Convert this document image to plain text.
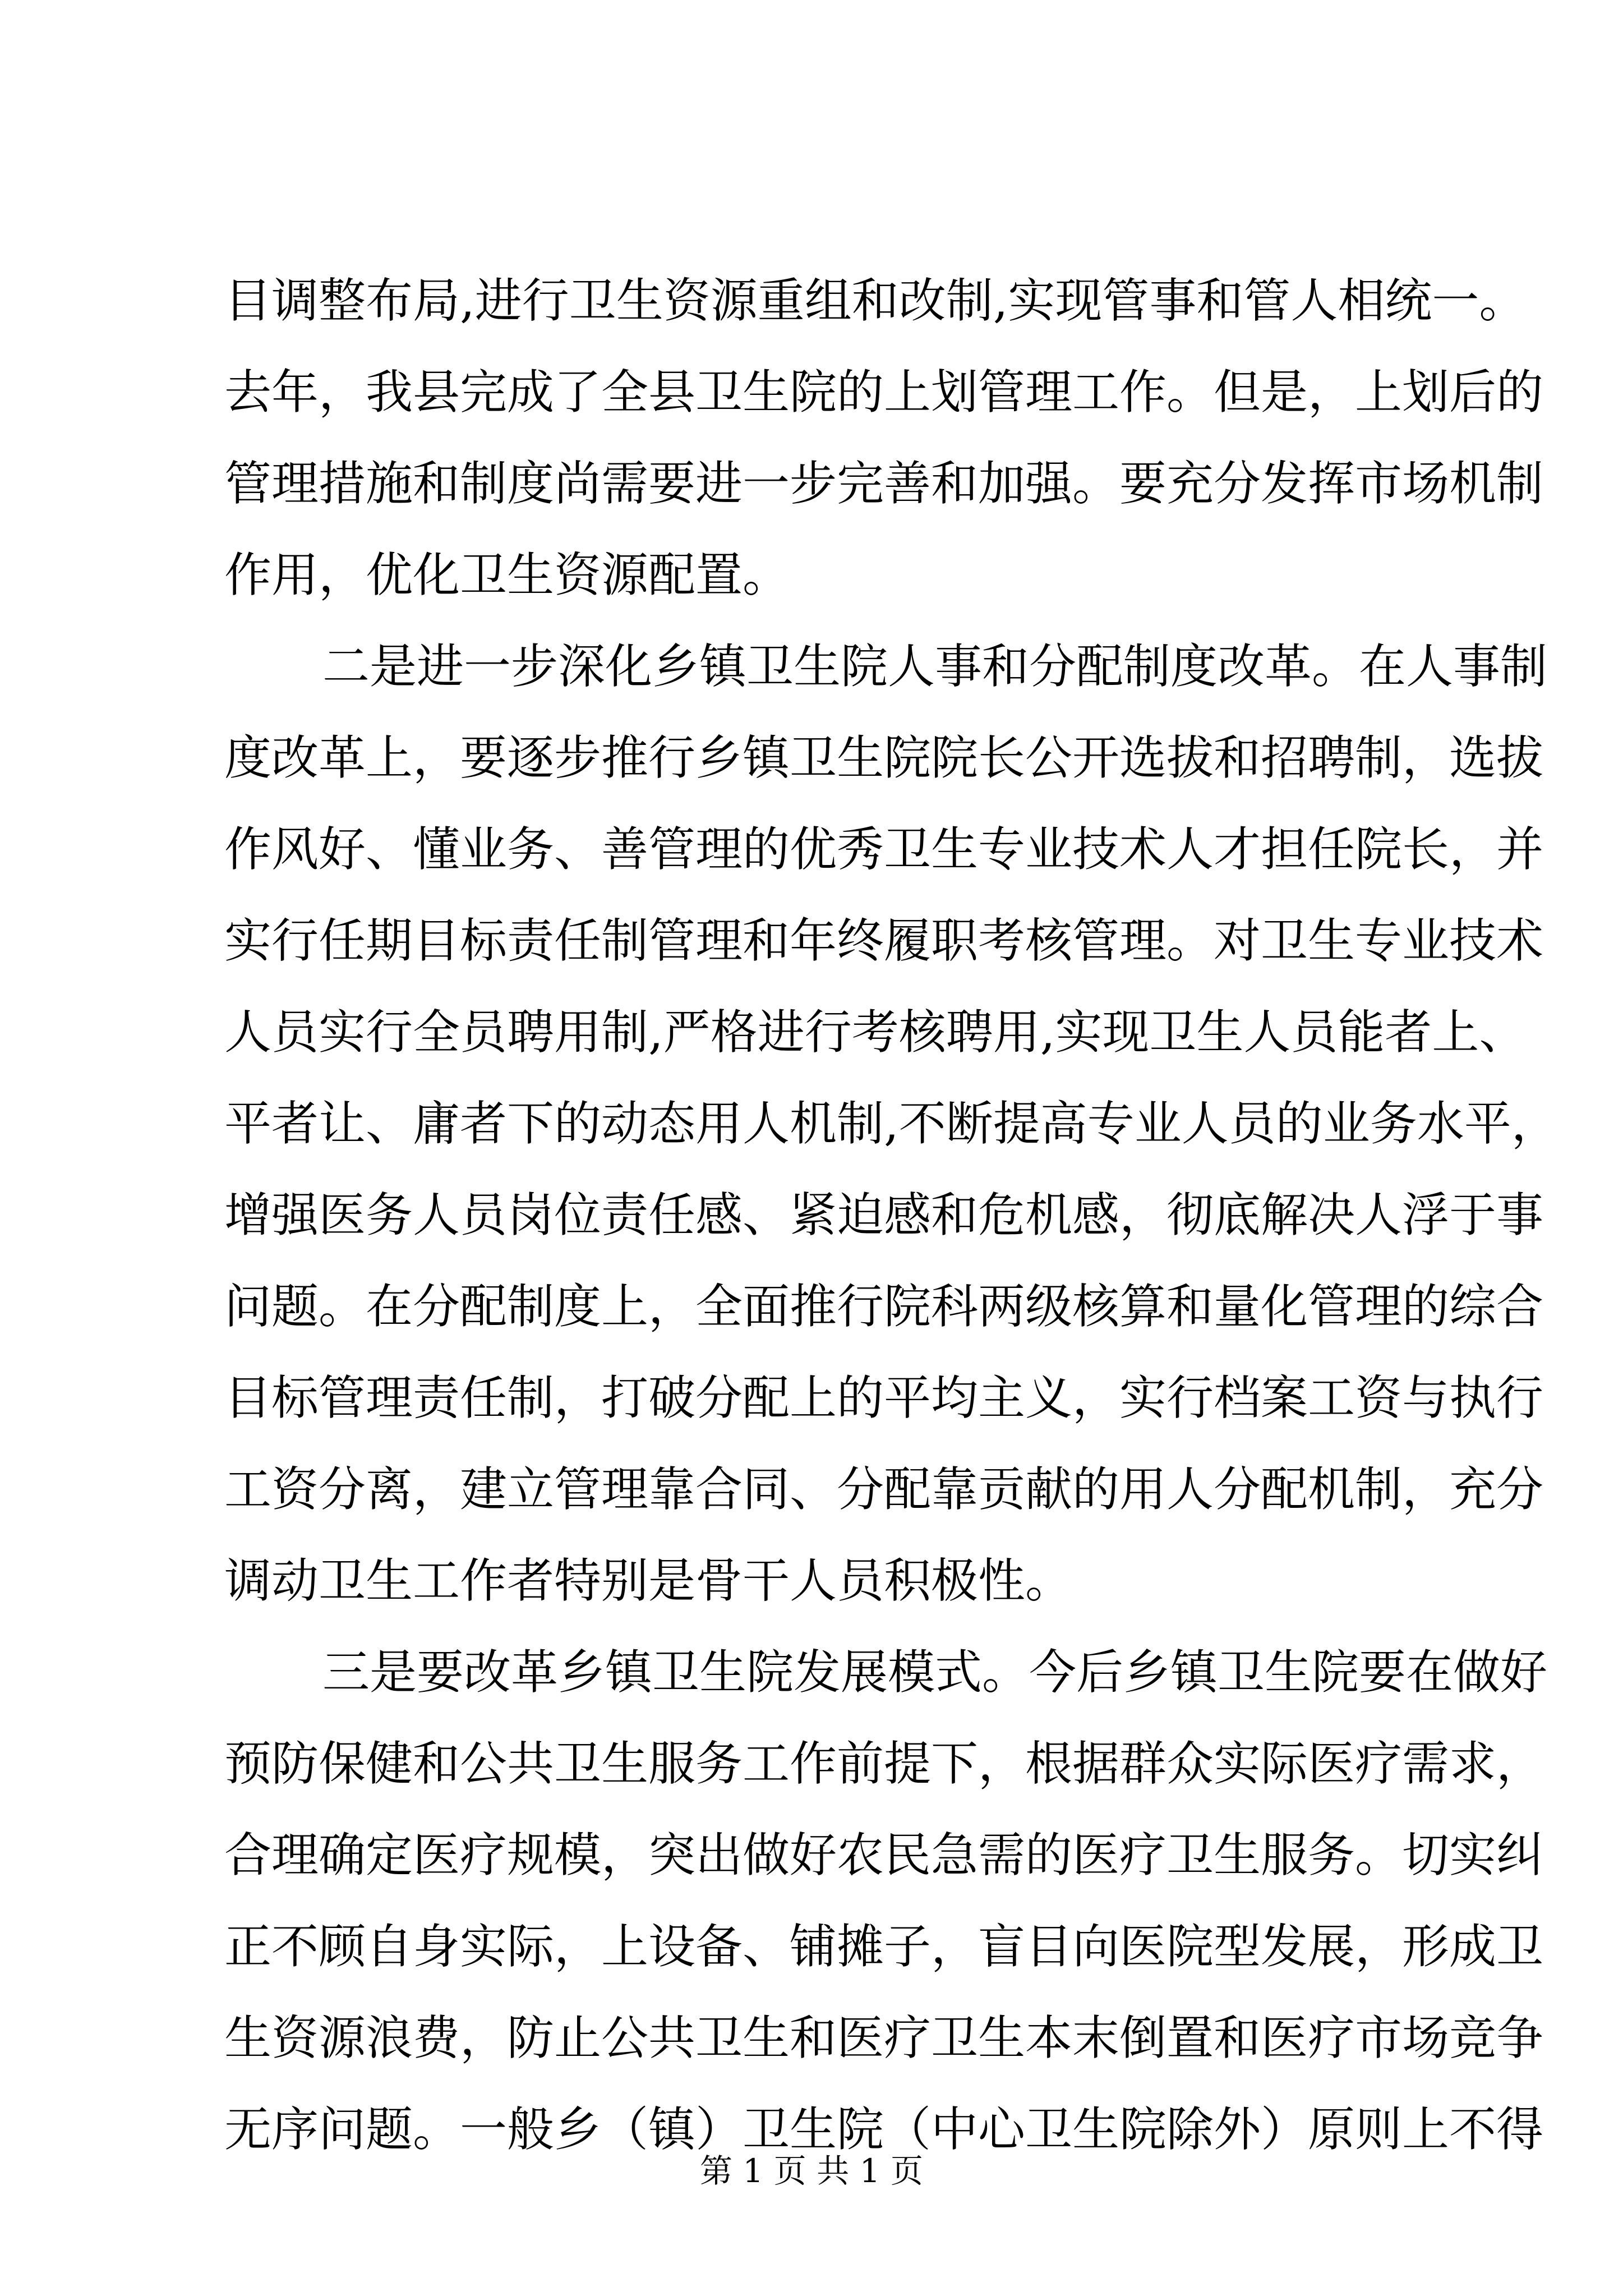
目调整布局,进行卫生资源重组和改制,实现管事和管人相统一。
去年，我县完成了全县卫生院的上划管理工作。但是，上划后的
管理措施和制度尚需要进一步完善和加强。要充分发挥市场机制
作用，优化卫生资源配置。
二是进一步深化乡镇卫生院人事和分配制度改革。在人事制
度改革上，要逐步推行乡镇卫生院院长公开选拔和招聘制，选拔
作风好、懂业务、善管理的优秀卫生专业技术人才担任院长，并
实行任期目标责任制管理和年终履职考核管理。对卫生专业技术
人员实行全员聘用制,严格进行考核聘用,实现卫生人员能者上、
平者让、庸者下的动态用人机制,不断提高专业人员的业务水平，
增强医务人员岗位责任感、紧迫感和危机感，彻底解决人浮于事
问题。在分配制度上，全面推行院科两级核算和量化管理的综合
目标管理责任制，打破分配上的平均主义，实行档案工资与执行
工资分离，建立管理靠合同、分配靠贡献的用人分配机制，充分
调动卫生工作者特别是骨干人员积极性。
三是要改革乡镇卫生院发展模式。今后乡镇卫生院要在做好
预防保健和公共卫生服务工作前提下，根据群众实际医疗需求，
合理确定医疗规模，突出做好农民急需的医疗卫生服务。切实纠
正不顾自身实际，上设备、铺摊子，盲目向医院型发展，形成卫
生资源浪费，防止公共卫生和医疗卫生本末倒置和医疗市场竞争
无序问题。一般乡（镇）卫生院（中心卫生院除外）原则上不得
第 1 页 共 1 页
